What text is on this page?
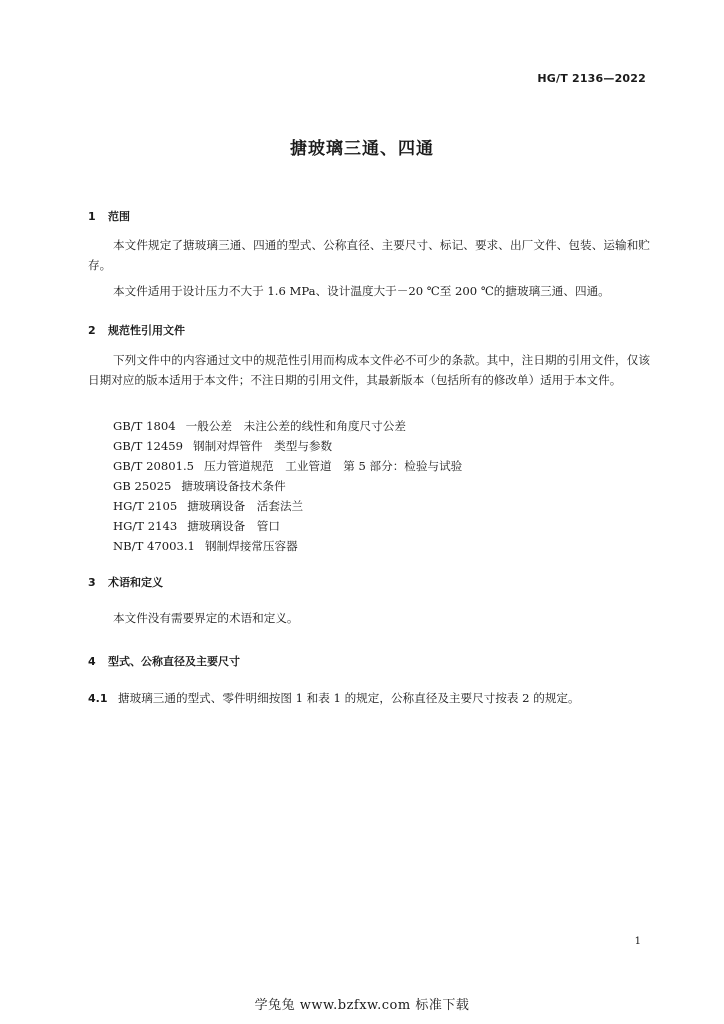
HG/T 2136—2022
搪玻璃三通、四通
1 范围
本文件规定了搪玻璃三通、四通的型式、公称直径、主要尺寸、标记、要求、出厂文件、包装、运输和贮存。
本文件适用于设计压力不大于 1.6 MPa、设计温度大于－20 ℃至 200 ℃的搪玻璃三通、四通。
2 规范性引用文件
下列文件中的内容通过文中的规范性引用而构成本文件必不可少的条款。其中，注日期的引用文件，仅该日期对应的版本适用于本文件；不注日期的引用文件，其最新版本（包括所有的修改单）适用于本文件。
GB/T 1804 一般公差　未注公差的线性和角度尺寸公差
GB/T 12459 钢制对焊管件　类型与参数
GB/T 20801.5 压力管道规范　工业管道　第 5 部分：检验与试验
GB 25025 搪玻璃设备技术条件
HG/T 2105 搪玻璃设备　活套法兰
HG/T 2143 搪玻璃设备　管口
NB/T 47003.1 钢制焊接常压容器
3 术语和定义
本文件没有需要界定的术语和定义。
4 型式、公称直径及主要尺寸
4.1 搪玻璃三通的型式、零件明细按图 1 和表 1 的规定，公称直径及主要尺寸按表 2 的规定。
1
学兔兔 www.bzfxw.com 标准下载
